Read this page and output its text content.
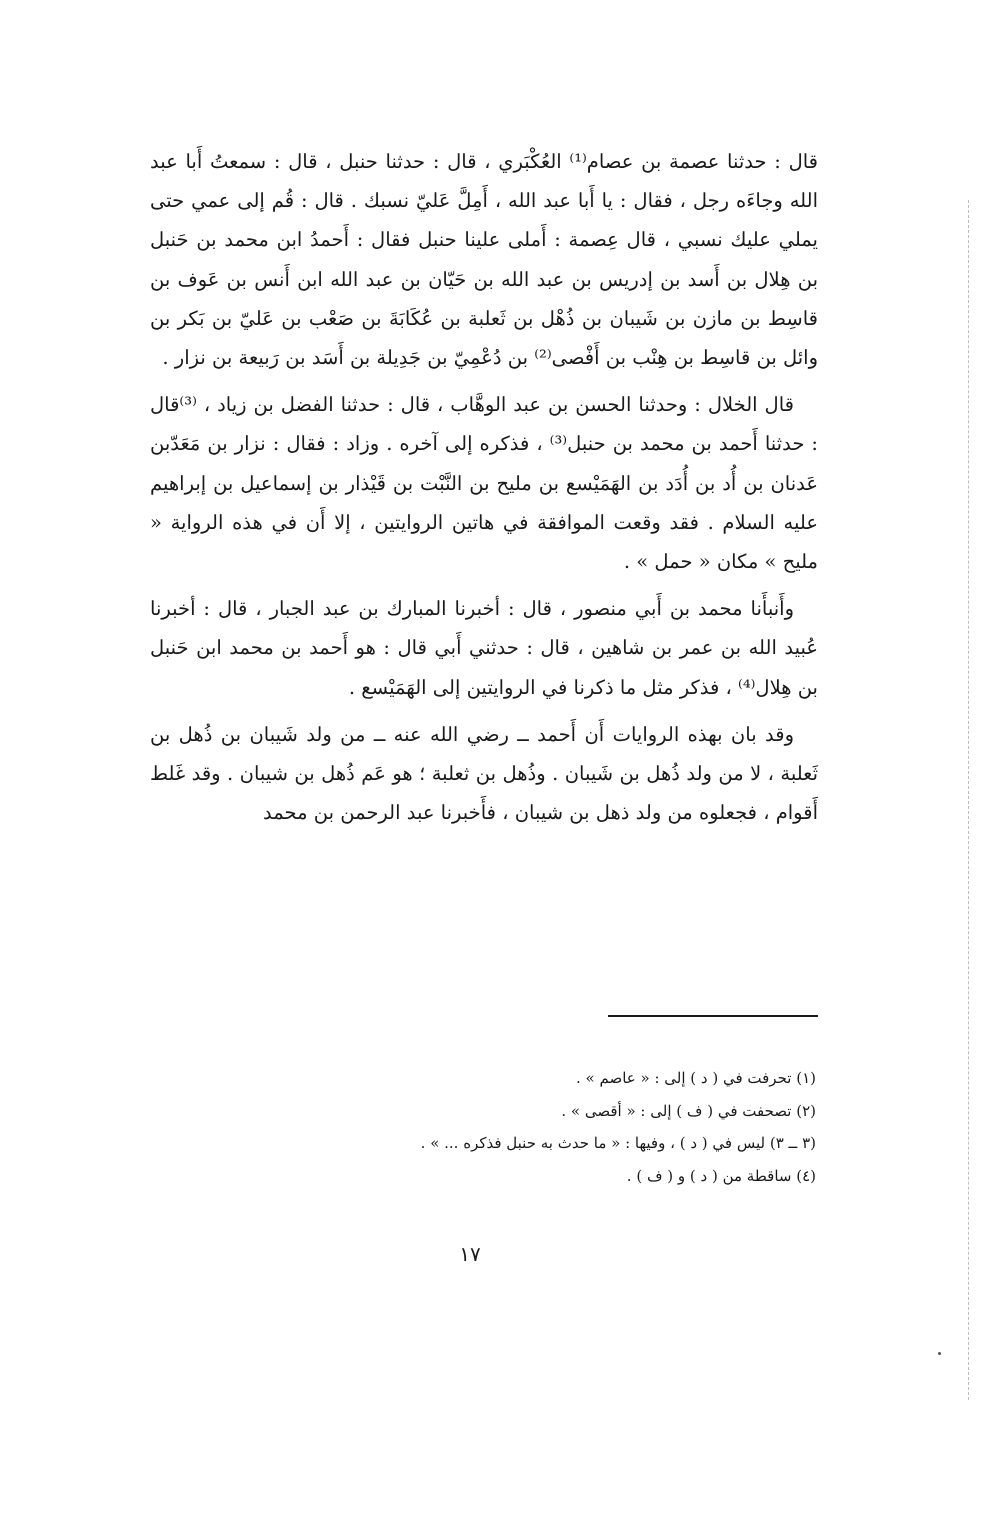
قال : حدثنا عصمة بن عصام⁽¹⁾ العُكْبَري ، قال : حدثنا حنبل ، قال : سمعتُ أَبا عبد الله وجاءَه رجل ، فقال : يا أَبا عبد الله ، أَمِلَّ عَليّ نسبك . قال : قُم إلى عمي حتى يملي عليك نسبي ، قال عِصمة : أَملى علينا حنبل فقال : أَحمدُ ابن محمد بن حَنبل بن هِلال بن أَسد بن إدريس بن عبد الله بن حَيّان بن عبد الله ابن أَنس بن عَوف بن قاسِط بن مازن بن شَيبان بن ذُهْل بن ثَعلبة بن عُكَابَةَ بن صَعْب بن عَليّ بن بَكر بن وائل بن قاسِط بن هِنْب بن أَفْصى⁽²⁾ بن دُعْمِيّ بن جَدِيلة بن أَسَد بن رَبيعة بن نزار .

قال الخلال : وحدثنا الحسن بن عبد الوهَّاب ، قال : حدثنا الفضل بن زياد ، ⁽³⁾قال : حدثنا أَحمد بن محمد بن حنبل⁽³⁾ ، فذكره إلى آخره . وزاد : فقال : نزار بن مَعَدّبن عَدنان بن أُد بن أُدَد بن الهَمَيْسع بن مليح بن النَّبْت بن قَيْذار بن إسماعيل بن إبراهيم عليه السلام . فقد وقعت الموافقة في هاتين الروايتين ، إلا أَن في هذه الرواية « مليح » مكان « حمل » .

وأَنبأَنا محمد بن أَبي منصور ، قال : أخبرنا المبارك بن عبد الجبار ، قال : أخبرنا عُبيد الله بن عمر بن شاهين ، قال : حدثني أَبي قال : هو أَحمد بن محمد ابن حَنبل بن هِلال⁽⁴⁾ ، فذكر مثل ما ذكرنا في الروايتين إلى الهَمَيْسع .

وقد بان بهذه الروايات أَن أَحمد ــ رضي الله عنه ــ من ولد شَيبان بن ذُهل بن ثَعلبة ، لا من ولد ذُهل بن شَيبان . وذُهل بن ثعلبة ؛ هو عَم ذُهل بن شيبان . وقد غَلط أَقوام ، فجعلوه من ولد ذهل بن شيبان ، فأَخبرنا عبد الرحمن بن محمد

(١) تحرفت في ( د ) إلى : « عاصم » .
(٢) تصحفت في ( ف ) إلى : « أقصى » .
(٣ ــ ٣) ليس في ( د ) ، وفيها : « ما حدث به حنبل فذكره ... » .
(٤) ساقطة من ( د ) و ( ف ) .
١٧
